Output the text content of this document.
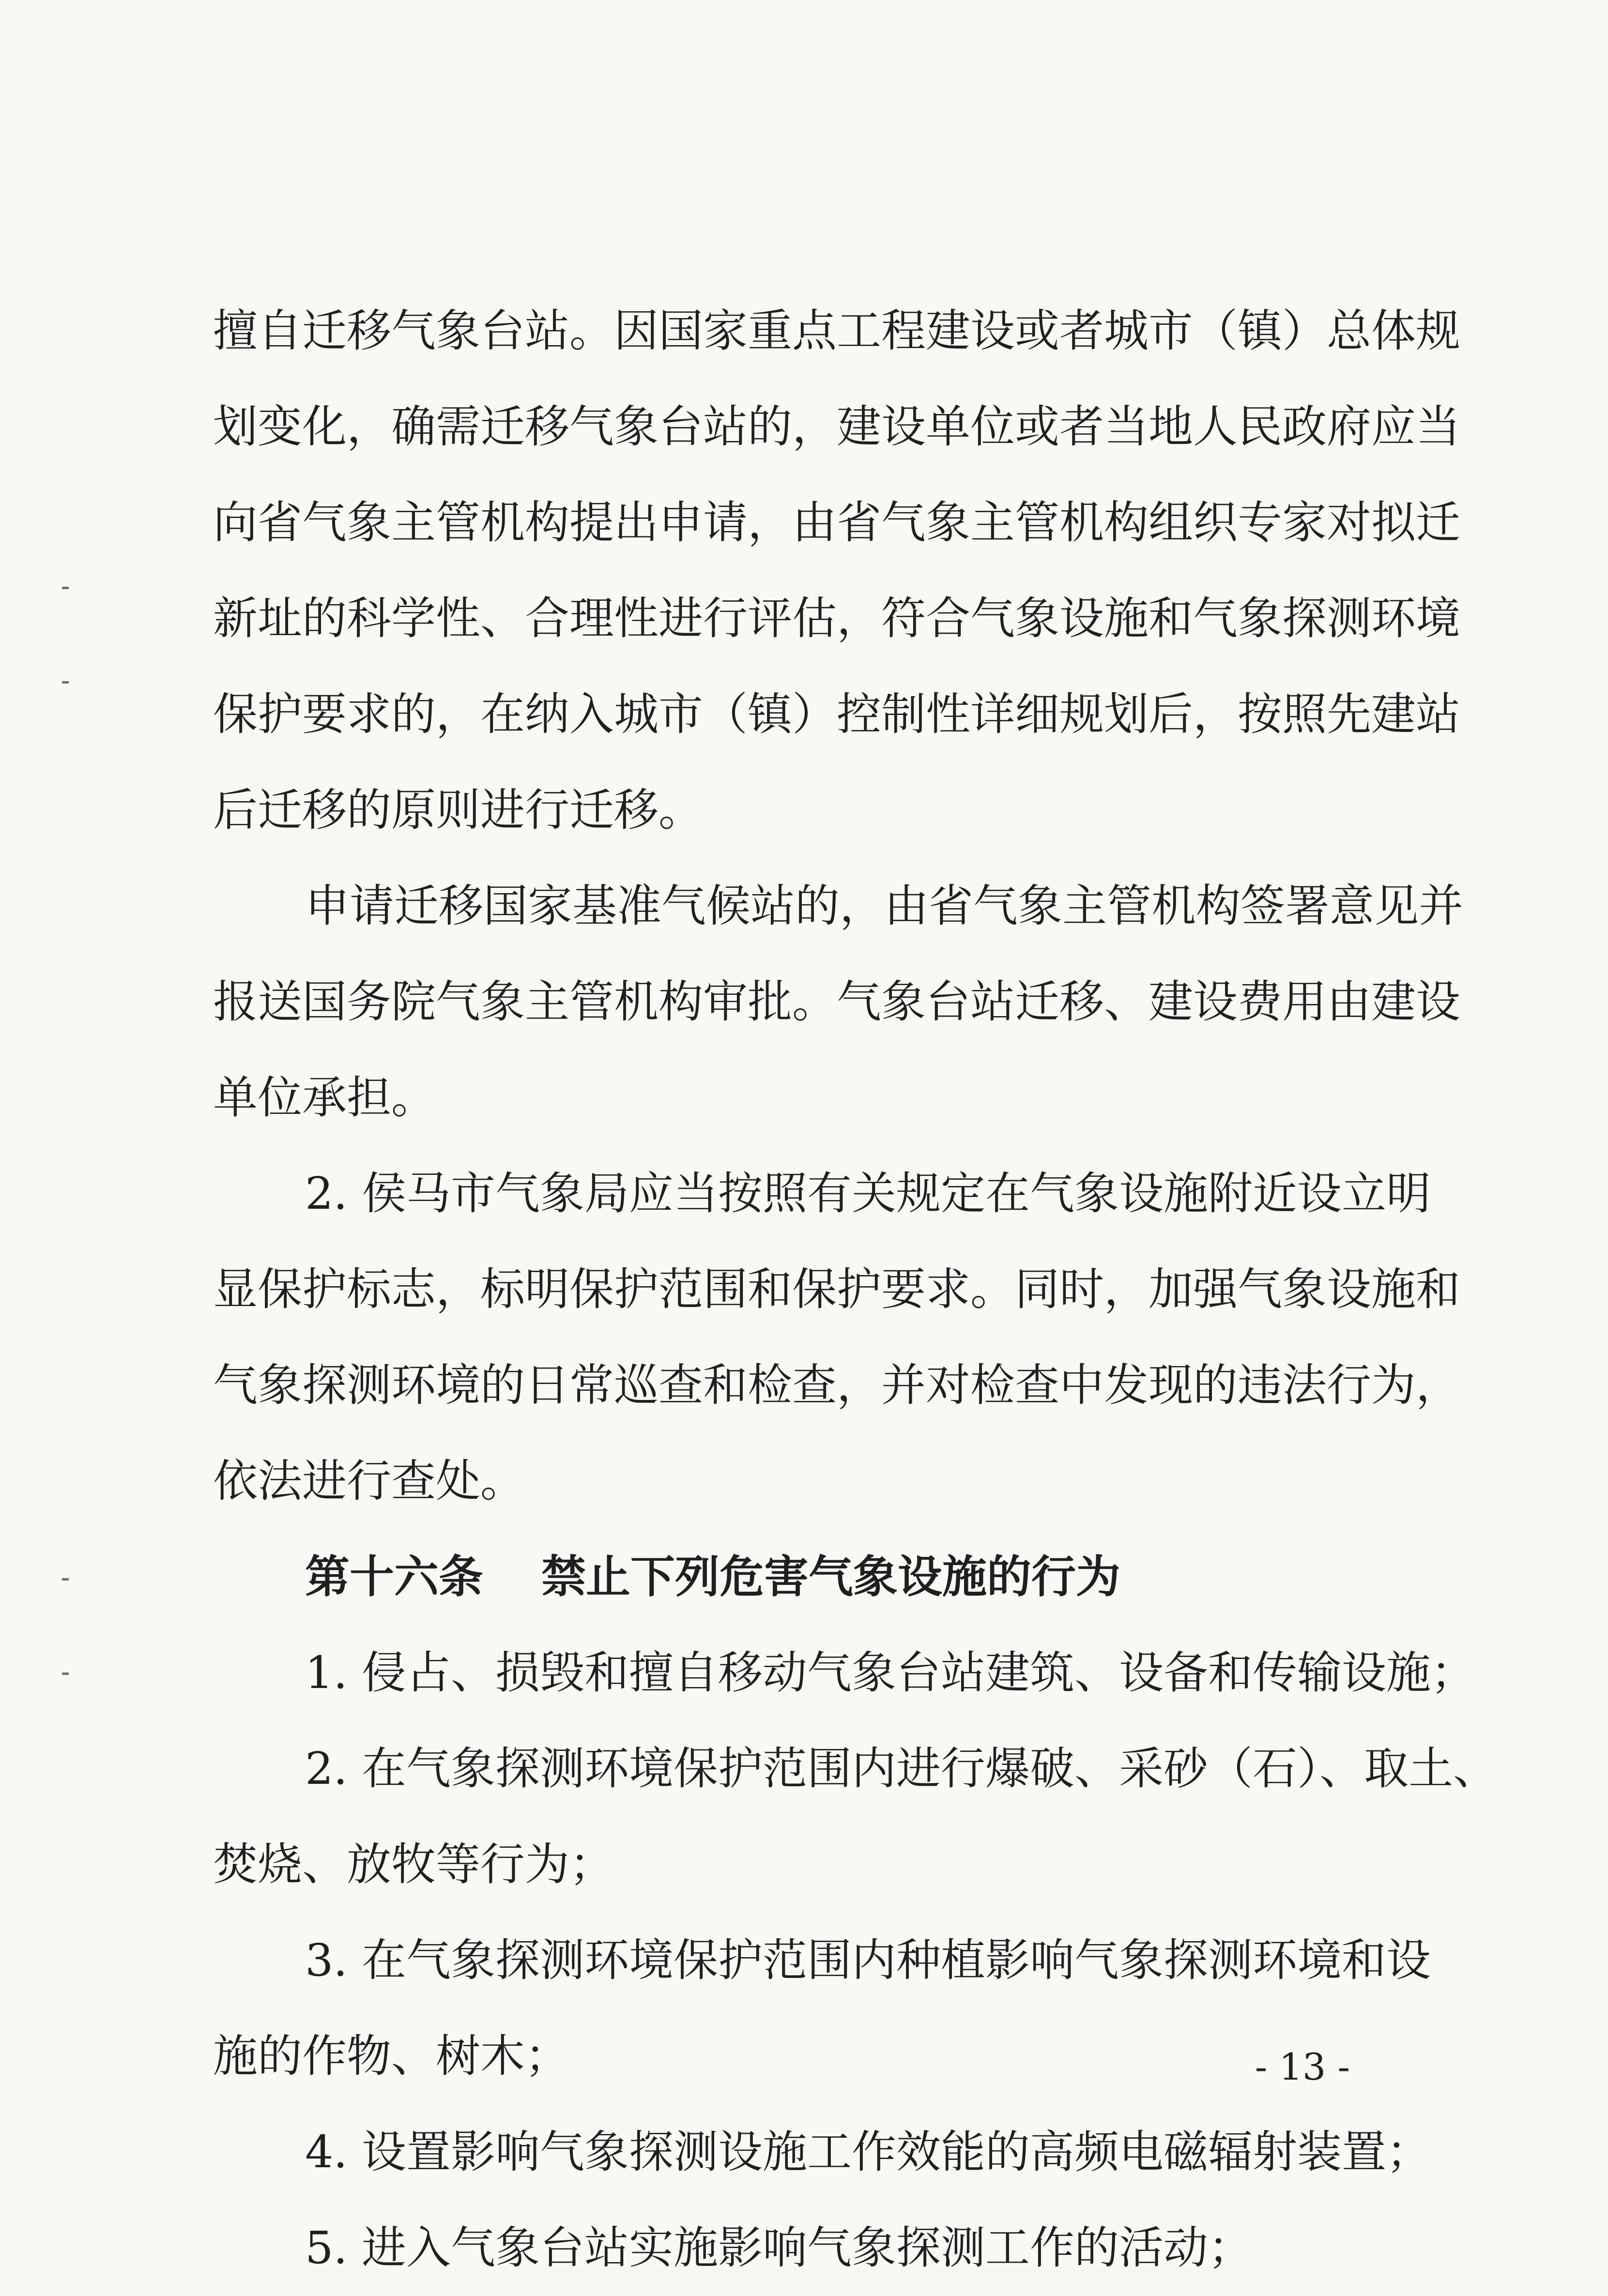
擅自迁移气象台站。因国家重点工程建设或者城市（镇）总体规
划变化，确需迁移气象台站的，建设单位或者当地人民政府应当
向省气象主管机构提出申请，由省气象主管机构组织专家对拟迁
新址的科学性、合理性进行评估，符合气象设施和气象探测环境
保护要求的，在纳入城市（镇）控制性详细规划后，按照先建站
后迁移的原则进行迁移。
申请迁移国家基准气候站的，由省气象主管机构签署意见并
报送国务院气象主管机构审批。气象台站迁移、建设费用由建设
单位承担。
2. 侯马市气象局应当按照有关规定在气象设施附近设立明
显保护标志，标明保护范围和保护要求。同时，加强气象设施和
气象探测环境的日常巡查和检查，并对检查中发现的违法行为，
依法进行查处。
第十六条 禁止下列危害气象设施的行为
1. 侵占、损毁和擅自移动气象台站建筑、设备和传输设施；
2. 在气象探测环境保护范围内进行爆破、采砂（石）、取土、
焚烧、放牧等行为；
3. 在气象探测环境保护范围内种植影响气象探测环境和设
施的作物、树木；
4. 设置影响气象探测设施工作效能的高频电磁辐射装置；
5. 进入气象台站实施影响气象探测工作的活动；
- 13 -
